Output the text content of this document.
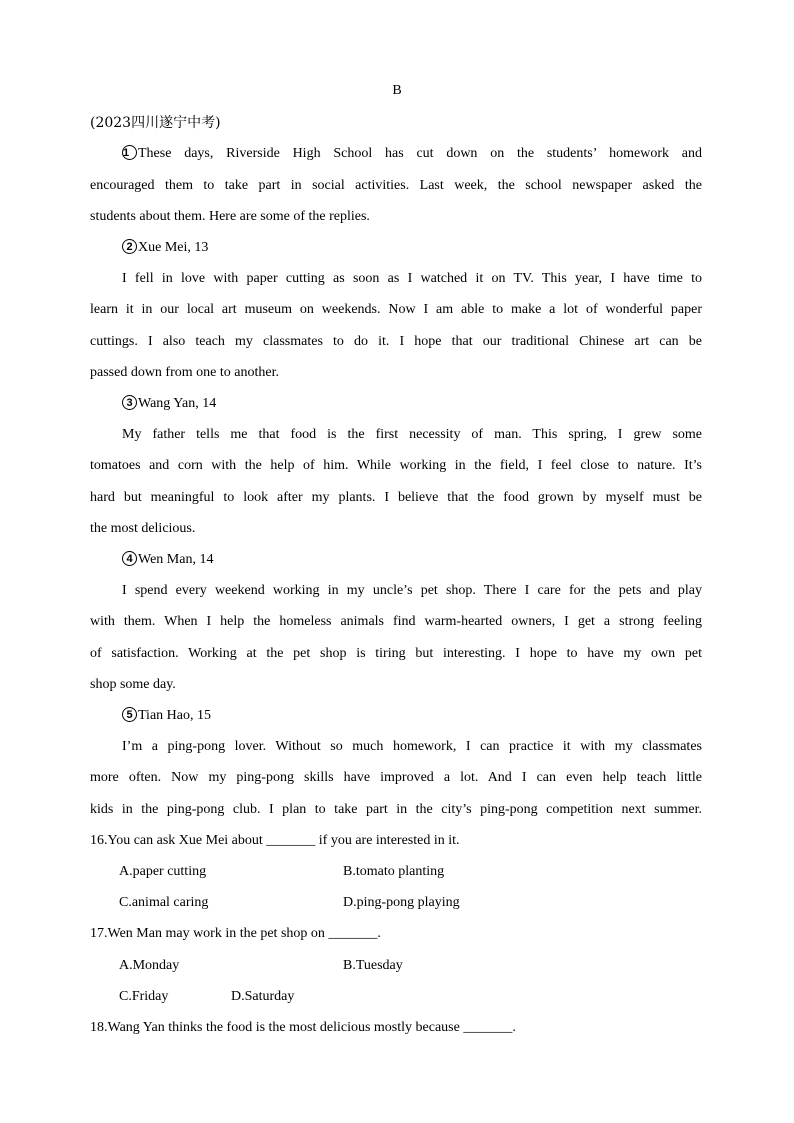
B
(2023四川遂宁中考)
1 These days, Riverside High School has cut down on the students’ homework and
encouraged them to take part in social activities. Last week, the school newspaper asked the
students about them. Here are some of the replies.
2 Xue Mei, 13
I fell in love with paper cutting as soon as I watched it on TV. This year, I have time to
learn it in our local art museum on weekends. Now I am able to make a lot of wonderful paper
cuttings. I also teach my classmates to do it. I hope that our traditional Chinese art can be
passed down from one to another.
3 Wang Yan, 14
My father tells me that food is the first necessity of man. This spring, I grew some
tomatoes and corn with the help of him. While working in the field, I feel close to nature. It’s
hard but meaningful to look after my plants. I believe that the food grown by myself must be
the most delicious.
4 Wen Man, 14
I spend every weekend working in my uncle’s pet shop. There I care for the pets and play
with them. When I help the homeless animals find warm-hearted owners, I get a strong feeling
of satisfaction. Working at the pet shop is tiring but interesting. I hope to have my own pet
shop some day.
5 Tian Hao, 15
I’m a ping-pong lover. Without so much homework, I can practice it with my classmates
more often. Now my ping-pong skills have improved a lot. And I can even help teach little
kids in the ping-pong club. I plan to take part in the city’s ping-pong competition next summer.
16.You can ask Xue Mei about _______ if you are interested in it.
A.paper cutting	B.tomato planting
C.animal caring	D.ping-pong playing
17.Wen Man may work in the pet shop on _______.
A.Monday	B.Tuesday
C.Friday	D.Saturday
18.Wang Yan thinks the food is the most delicious mostly because _______.
